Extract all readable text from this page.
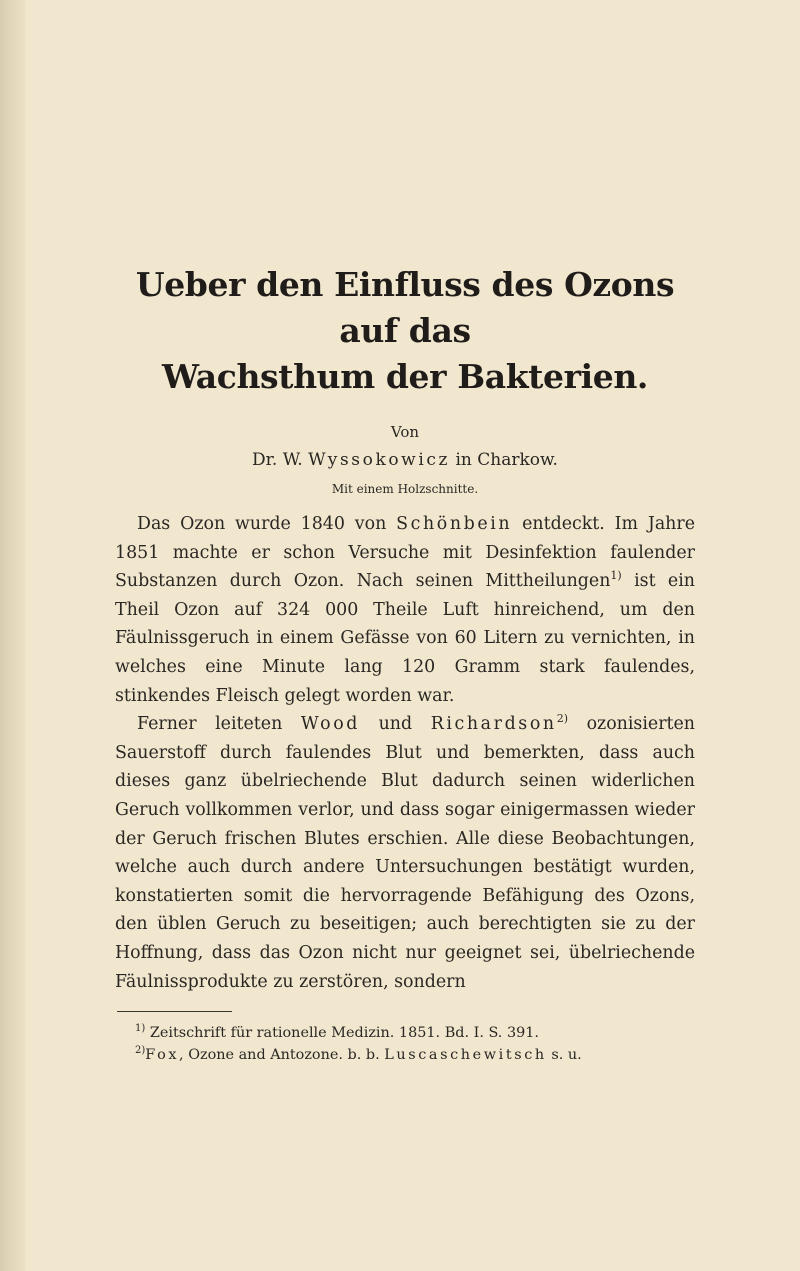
Ueber den Einfluss des Ozons auf das
Wachsthum der Bakterien.
Von
Dr. W. Wyssokowicz in Charkow.
Mit einem Holzschnitte.

Das Ozon wurde 1840 von Schönbein entdeckt. Im Jahre 1851 machte er schon Versuche mit Desinfektion faulender Substanzen durch Ozon. Nach seinen Mittheilungen$^{1)}$ ist ein Theil Ozon auf 324 000 Theile Luft hinreichend, um den Fäulnissgeruch in einem Gefässe von 60 Litern zu vernichten, in welches eine Minute lang 120 Gramm stark faulendes, stinkendes Fleisch gelegt worden war.

Ferner leiteten Wood und Richardson$^{2)}$ ozonisierten Sauerstoff durch faulendes Blut und bemerkten, dass auch dieses ganz übelriechende Blut dadurch seinen widerlichen Geruch vollkommen verlor, und dass sogar einigermassen wieder der Geruch frischen Blutes erschien. Alle diese Beobachtungen, welche auch durch andere Untersuchungen bestätigt wurden, konstatierten somit die hervorragende Befähigung des Ozons, den üblen Geruch zu beseitigen; auch berechtigten sie zu der Hoffnung, dass das Ozon nicht nur geeignet sei, übelriechende Fäulnissprodukte zu zerstören, sondern

$^{1)}$ Zeitschrift für rationelle Medizin. 1851. Bd. I. S. 391.

$^{2)}$Fox, Ozone and Antozone. b. b. Luscaschewitsch s. u.
